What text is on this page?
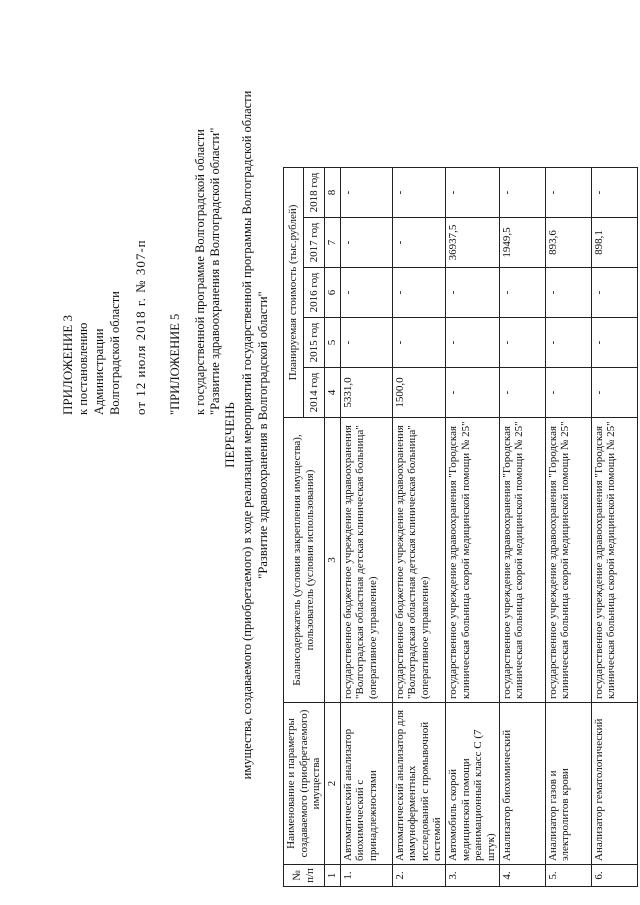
ПРИЛОЖЕНИЕ 3 к постановлению Администрации Волгоградской области от 12 июля 2018 г. № 307-п "ПРИЛОЖЕНИЕ 5 к государственной программе Волгоградской области "Развитие здравоохранения в Волгоградской области"
ПЕРЕЧЕНЬ имущества, создаваемого (приобретаемого) в ходе реализации мероприятий государственной программы Волгоградской области "Развитие здравоохранения в Волгоградской области"
№ п/п	Наименование и параметры создаваемого (приобретаемого) имущества	Балансодержатель (условия закрепления имущества), пользователь (условия использования)	Планируемая стоимость (тыс.рублей)				
			2014 год	2015 год	2016 год	2017 год	2018 год
1	2	3	4	5	6	7	8
1.	Автоматический анализатор биохимический с принадлежностями	государственное бюджетное учреждение здравоохранения "Волгоградская областная детская клиническая больница" (оперативное управление)	5331,0	-	-	-	-
2.	Автоматический анализатор для иммуноферментных исследований с промывочной системой	государственное бюджетное учреждение здравоохранения "Волгоградская областная детская клиническая больница" (оперативное управление)	1500,0	-	-	-	-
3.	Автомобиль скорой медицинской помощи реанимационный класс С (7 штук)	государственное учреждение здравоохранения "Городская клиническая больница скорой медицинской помощи № 25"	-	-	-	36937,5	-
4.	Анализатор биохимический	государственное учреждение здравоохранения "Городская клиническая больница скорой медицинской помощи № 25"	-	-	-	1949,5	-
5.	Анализатор газов и электролитов крови	государственное учреждение здравоохранения "Городская клиническая больница скорой медицинской помощи № 25"	-	-	-	893,6	-
6.	Анализатор гематологический	государственное учреждение здравоохранения "Городская клиническая больница скорой медицинской помощи № 25"	-	-	-	898,1	-
